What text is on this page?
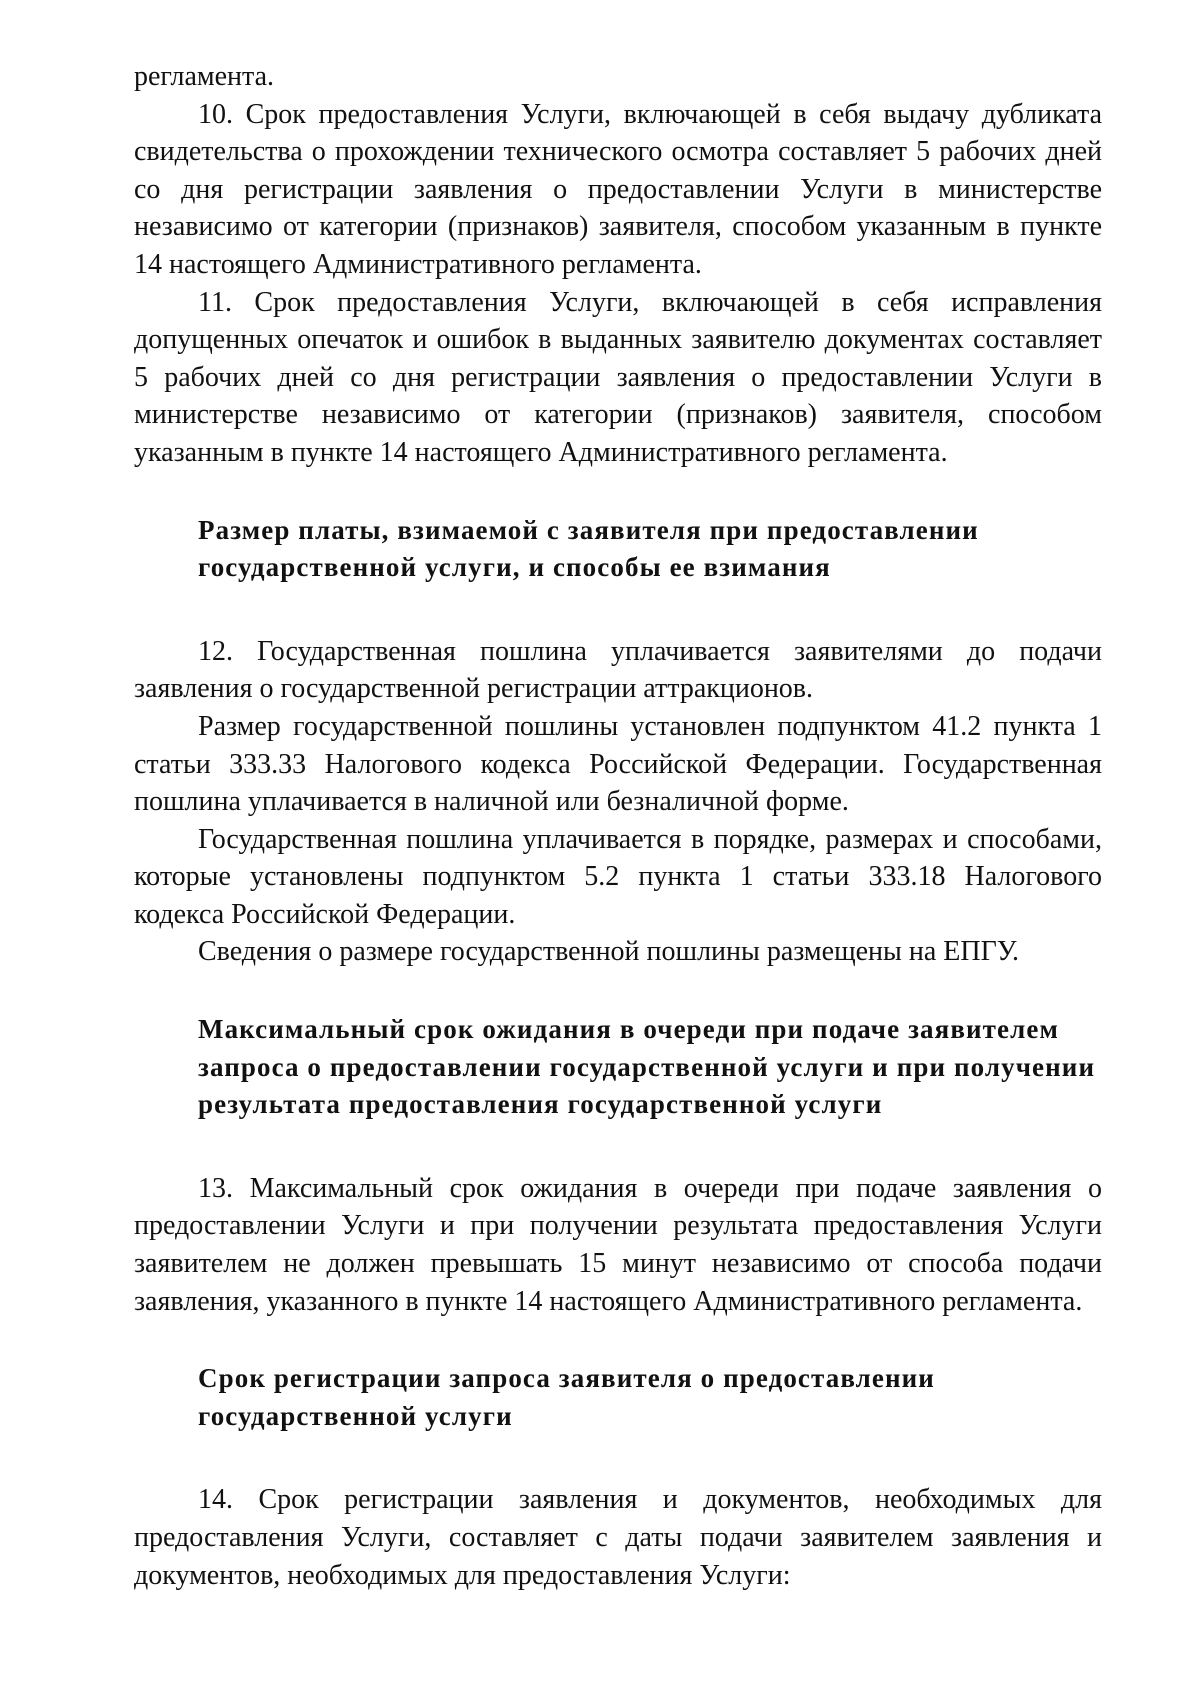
регламента.

10. Срок предоставления Услуги, включающей в себя выдачу дубликата свидетельства о прохождении технического осмотра составляет 5 рабочих дней со дня регистрации заявления о предоставлении Услуги в министерстве независимо от категории (признаков) заявителя, способом указанным в пункте 14 настоящего Административного регламента.

11. Срок предоставления Услуги, включающей в себя исправления допущенных опечаток и ошибок в выданных заявителю документах составляет 5 рабочих дней со дня регистрации заявления о предоставлении Услуги в министерстве независимо от категории (признаков) заявителя, способом указанным в пункте 14 настоящего Административного регламента.

Размер платы, взимаемой с заявителя при предоставлении

государственной услуги, и способы ее взимания

12. Государственная пошлина уплачивается заявителями до подачи заявления о государственной регистрации аттракционов.

Размер государственной пошлины установлен подпунктом 41.2 пункта 1 статьи 333.33 Налогового кодекса Российской Федерации. Государственная пошлина уплачивается в наличной или безналичной форме.

Государственная пошлина уплачивается в порядке, размерах и способами, которые установлены подпунктом 5.2 пункта 1 статьи 333.18 Налогового кодекса Российской Федерации.

Сведения о размере государственной пошлины размещены на ЕПГУ.

Максимальный срок ожидания в очереди при подаче заявителем

запроса о предоставлении государственной услуги и при получении

результата предоставления государственной услуги

13. Максимальный срок ожидания в очереди при подаче заявления о предоставлении Услуги и при получении результата предоставления Услуги заявителем не должен превышать 15 минут независимо от способа подачи заявления, указанного в пункте 14 настоящего Административного регламента.

Срок регистрации запроса заявителя о предоставлении

государственной услуги

14. Срок регистрации заявления и документов, необходимых для предоставления Услуги, составляет с даты подачи заявителем заявления и документов, необходимых для предоставления Услуги:
